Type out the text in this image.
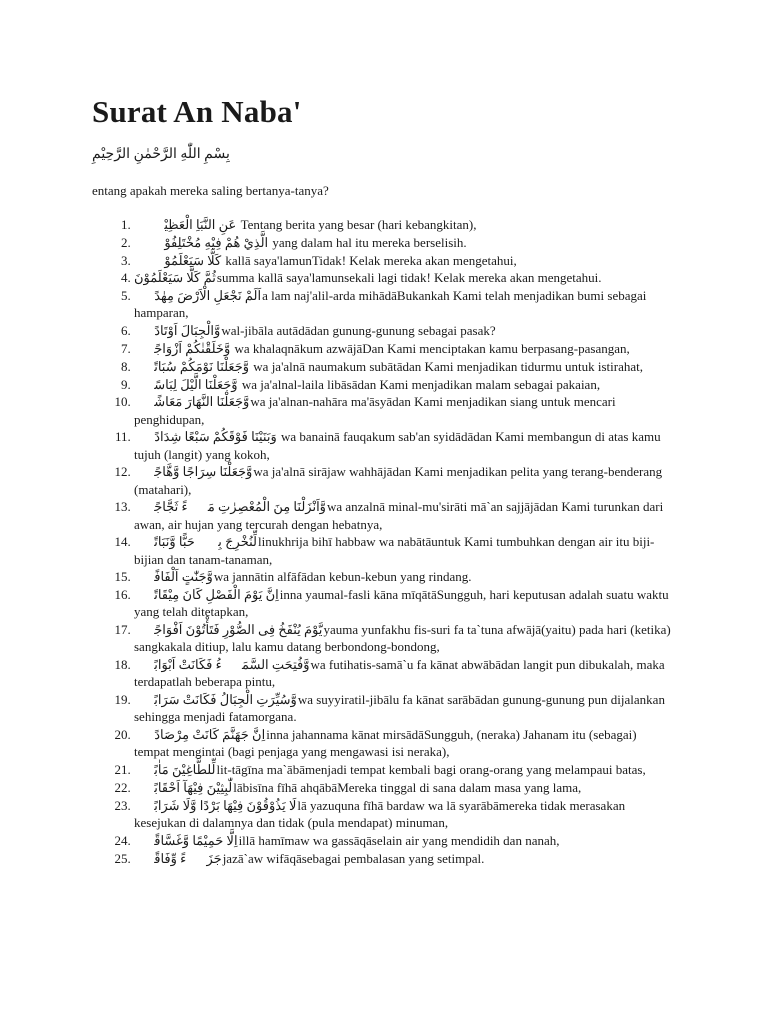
Surat An Naba'

بِسْمِ اللّٰهِ الرَّحْمٰنِ الرَّحِيْمِ

entang apakah mereka saling bertanya-tanya?

1. عَنِ النَّبَاِ الْعَظِيْمِۙ Tentang berita yang besar (hari kebangkitan),
2. الَّذِيْ هُمْ فِيْهِ مُخْتَلِفُوْنَۗ yang dalam hal itu mereka berselisih.
3. كَلَّا سَيَعْلَمُوْنَۙ kallā saya'lamunTidak! Kelak mereka akan mengetahui,
4. ثُمَّ كَلَّا سَيَعْلَمُوْنَsumma kallā saya'lamunsekali lagi tidak! Kelak mereka akan mengetahui.
5. اَلَمْ نَجْعَلِ الْاَرْضَ مِهٰدًاۙa lam naj'alil-arda mihādāBukankah Kami telah menjadikan bumi sebagai hamparan,
6. وَّالْجِبَالَ اَوْتَادًاۖwal-jibāla autādādan gunung-gunung sebagai pasak?
7. وَّخَلَقْنٰكُمْ اَزْوَاجًاۙ wa khalaqnākum azwājāDan Kami menciptakan kamu berpasang-pasangan,
8. وَّجَعَلْنَا نَوْمَكُمْ سُبَاتًاۙ wa ja'alnā naumakum subātādan Kami menjadikan tidurmu untuk istirahat,
9. وَّجَعَلْنَا الَّيْلَ لِبَاسًاۙ wa ja'alnal-laila libāsādan Kami menjadikan malam sebagai pakaian,
10. وَّجَعَلْنَا النَّهَارَ مَعَاشًاۚwa ja'alnan-nahāra ma'āsyādan Kami menjadikan siang untuk mencari penghidupan,
11. وَبَنَيْنَا فَوْقَكُمْ سَبْعًا شِدَادًاۙ wa banainā fauqakum sab'an syidādādan Kami membangun di atas kamu tujuh (langit) yang kokoh,
12. وَّجَعَلْنَا سِرَاجًا وَّهَّاجًاۖwa ja'alnā sirājaw wahhājādan Kami menjadikan pelita yang terang-benderang (matahari),
13. وَّاَنْزَلْنَا مِنَ الْمُعْصِرٰتِ مَاۤءً ثَجَّاجًاۙwa anzalnā minal-mu'sirāti mā`an sajjājādan Kami turunkan dari awan, air hujan yang tercurah dengan hebatnya,
14. لِّنُخْرِجَ بِهٖ حَبًّا وَّنَبَاتًاۙlinukhrija bihī habbaw wa nabātāuntuk Kami tumbuhkan dengan air itu biji-bijian dan tanam-tanaman,
15. وَّجَنّٰتٍ اَلْفَافًاۗwa jannātin alfāfādan kebun-kebun yang rindang.
16. اِنَّ يَوْمَ الْفَصْلِ كَانَ مِيْقَاتًاۙinna yaumal-fasli kāna mīqātāSungguh, hari keputusan adalah suatu waktu yang telah ditetapkan,
17. يَّوْمَ يُنْفَخُ فِى الصُّوْرِ فَتَأْتُوْنَ اَفْوَاجًاۙyauma yunfakhu fis-suri fa ta`tuna afwājā(yaitu) pada hari (ketika) sangkakala ditiup, lalu kamu datang berbondong-bondong,
18. وَّفُتِحَتِ السَّمَاۤءُ فَكَانَتْ اَبْوَابًاۙwa futihatis-samā`u fa kānat abwābādan langit pun dibukalah, maka terdapatlah beberapa pintu,
19. وَّسُيِّرَتِ الْجِبَالُ فَكَانَتْ سَرَابًاۗwa suyyiratil-jibālu fa kānat sarābādan gunung-gunung pun dijalankan sehingga menjadi fatamorgana.
20. اِنَّ جَهَنَّمَ كَانَتْ مِرْصَادًاۙinna jahannama kānat mirsādāSungguh, (neraka) Jahanam itu (sebagai) tempat mengintai (bagi penjaga yang mengawasi isi neraka),
21. لِّلطَّاغِيْنَ مَاٰبًاۙlit-tāgīna ma`ābāmenjadi tempat kembali bagi orang-orang yang melampaui batas,
22. لّٰبِثِيْنَ فِيْهَآ اَحْقَابًاۚlābisīna fīhā ahqābāMereka tinggal di sana dalam masa yang lama,
23. لَا يَذُوْقُوْنَ فِيْهَا بَرْدًا وَّلَا شَرَابًاۙlā yazuquna fīhā bardaw wa lā syarābāmereka tidak merasakan kesejukan di dalamnya dan tidak (pula mendapat) minuman,
24. اِلَّا حَمِيْمًا وَّغَسَّاقًاۙillā hamīmaw wa gassāqāselain air yang mendidih dan nanah,
25. جَزَاۤءً وِّفَاقًاۗjazā`aw wifāqāsebagai pembalasan yang setimpal.
